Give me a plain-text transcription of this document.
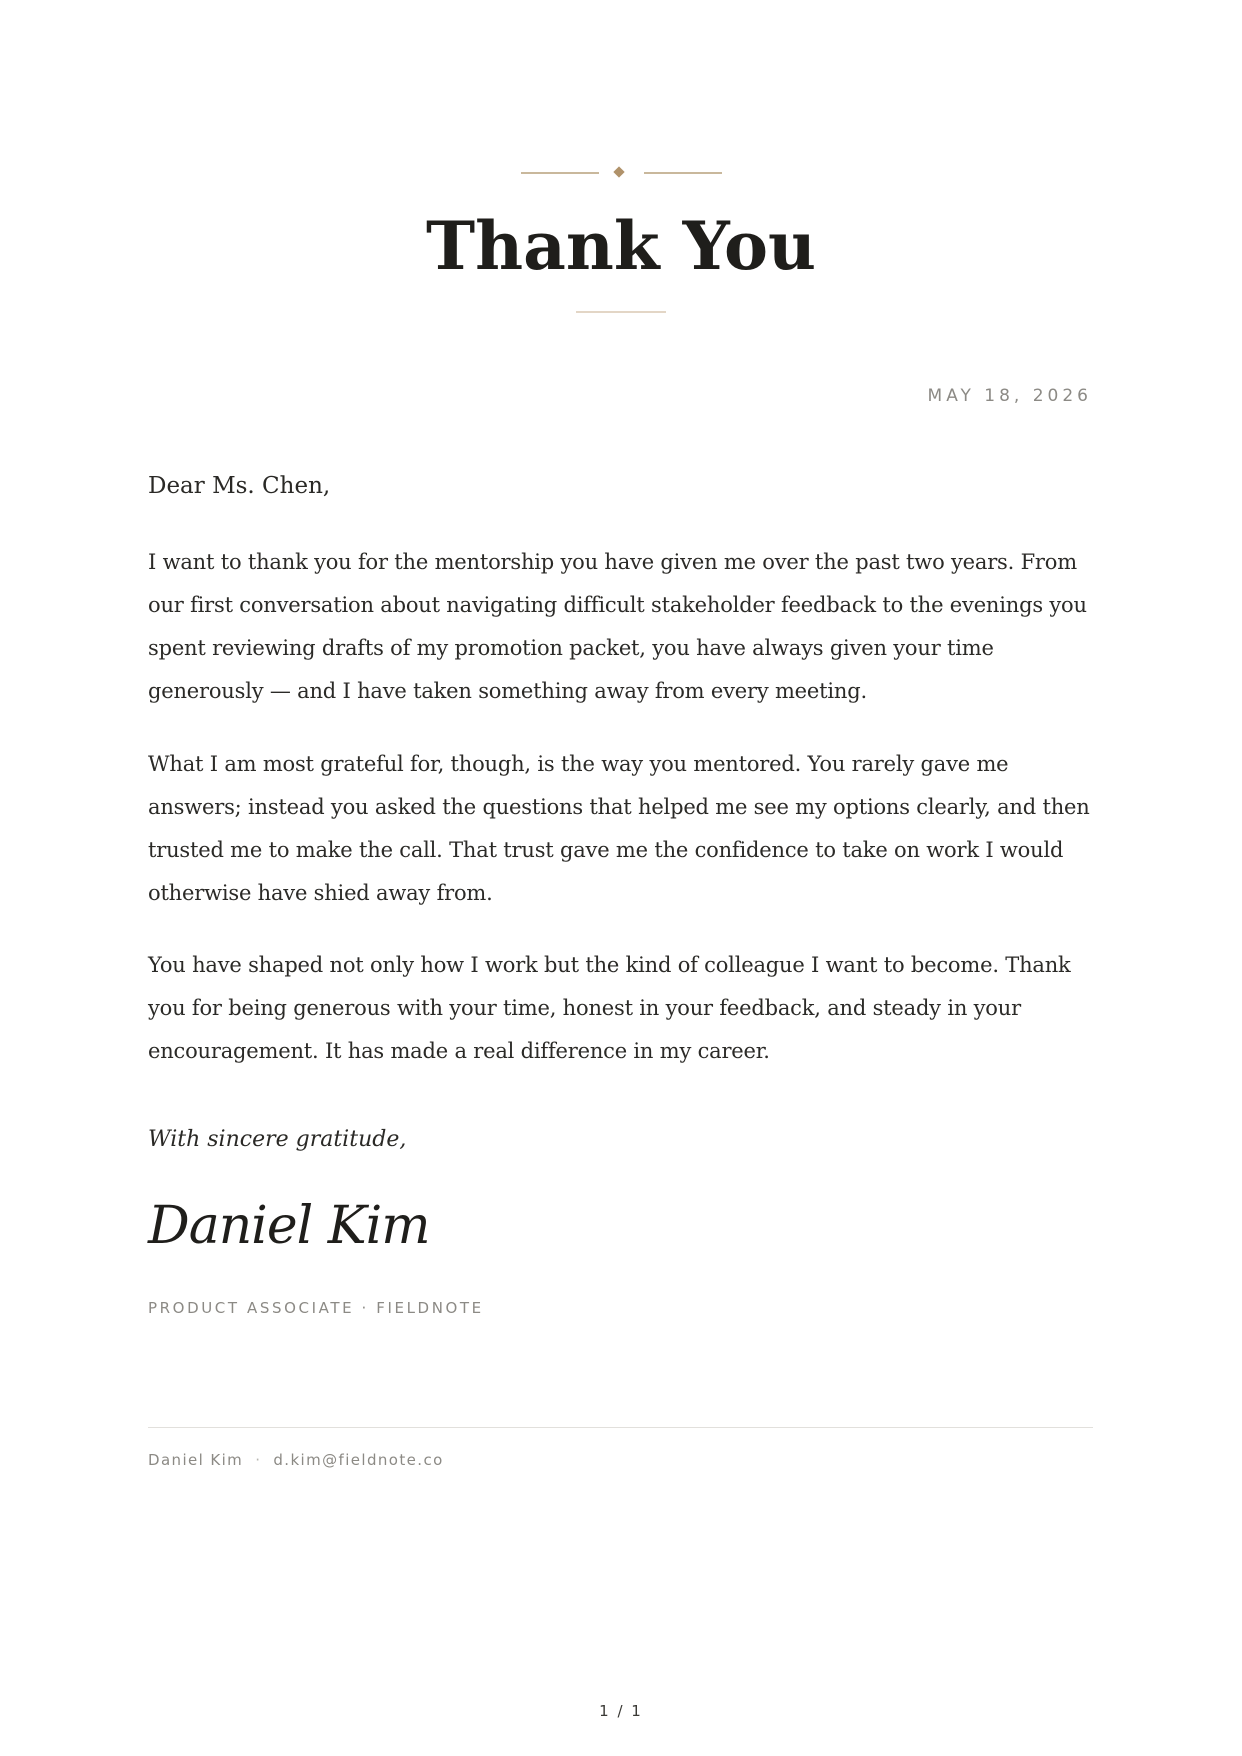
Thank You
MAY 18, 2026
Dear Ms. Chen,
I want to thank you for the mentorship you have given me over the past two years. From our first conversation about navigating difficult stakeholder feedback to the evenings you spent reviewing drafts of my promotion packet, you have always given your time generously — and I have taken something away from every meeting.
What I am most grateful for, though, is the way you mentored. You rarely gave me answers; instead you asked the questions that helped me see my options clearly, and then trusted me to make the call. That trust gave me the confidence to take on work I would otherwise have shied away from.
You have shaped not only how I work but the kind of colleague I want to become. Thank you for being generous with your time, honest in your feedback, and steady in your encouragement. It has made a real difference in my career.
With sincere gratitude,
Daniel Kim
PRODUCT ASSOCIATE · FIELDNOTE
Daniel Kim · d.kim@fieldnote.co
1 / 1
